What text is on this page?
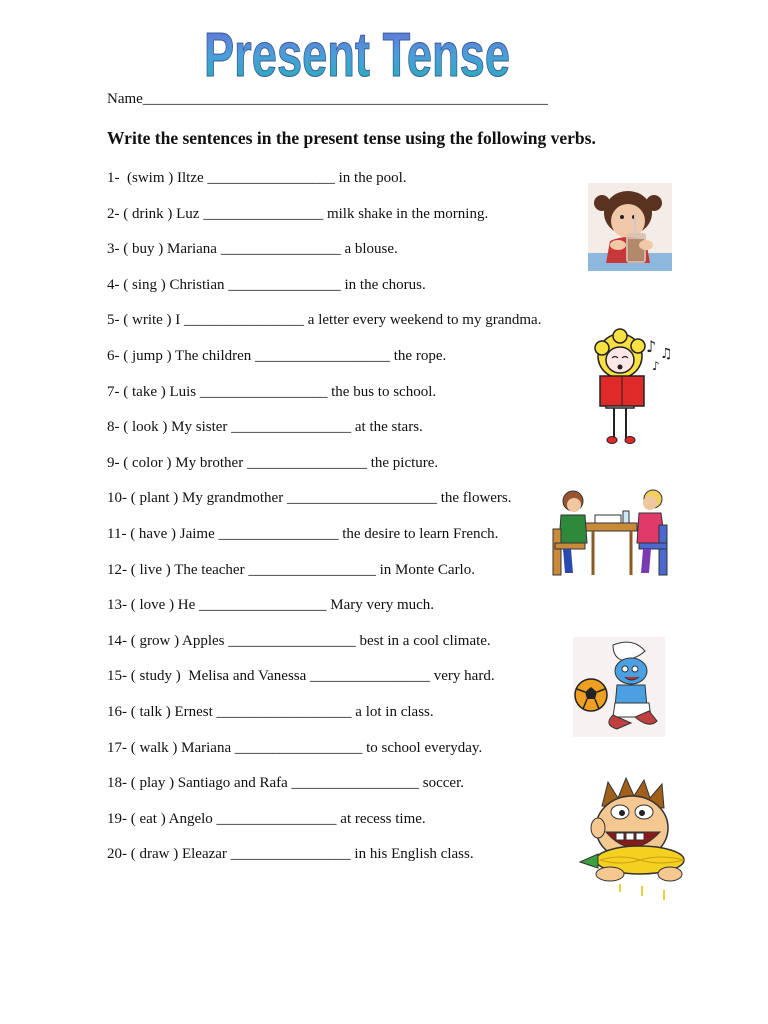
Present Tense
Name______________________________________________________
Write the sentences in the present tense using the following verbs.
1-  (swim ) Iltze _________________ in the pool.
2- ( drink ) Luz ________________ milk shake in the morning.
3- ( buy ) Mariana ________________ a blouse.
4- ( sing ) Christian _______________ in the chorus.
5- ( write ) I ________________ a letter every weekend to my grandma.
6- ( jump ) The children __________________ the rope.
7- ( take ) Luis _________________ the bus to school.
8- ( look ) My sister ________________ at the stars.
9- ( color ) My brother ________________ the picture.
10- ( plant ) My grandmother ____________________ the flowers.
11- ( have ) Jaime ________________ the desire to learn French.
12- ( live ) The teacher _________________ in Monte Carlo.
13- ( love ) He _________________ Mary very much.
14- ( grow ) Apples _________________ best in a cool climate.
15- ( study )  Melisa and Vanessa ________________ very hard.
16- ( talk ) Ernest __________________ a lot in class.
17- ( walk ) Mariana _________________ to school everyday.
18- ( play ) Santiago and Rafa _________________ soccer.
19- ( eat ) Angelo ________________ at recess time.
20- ( draw ) Eleazar ________________ in his English class.
♪ ♫
♪
